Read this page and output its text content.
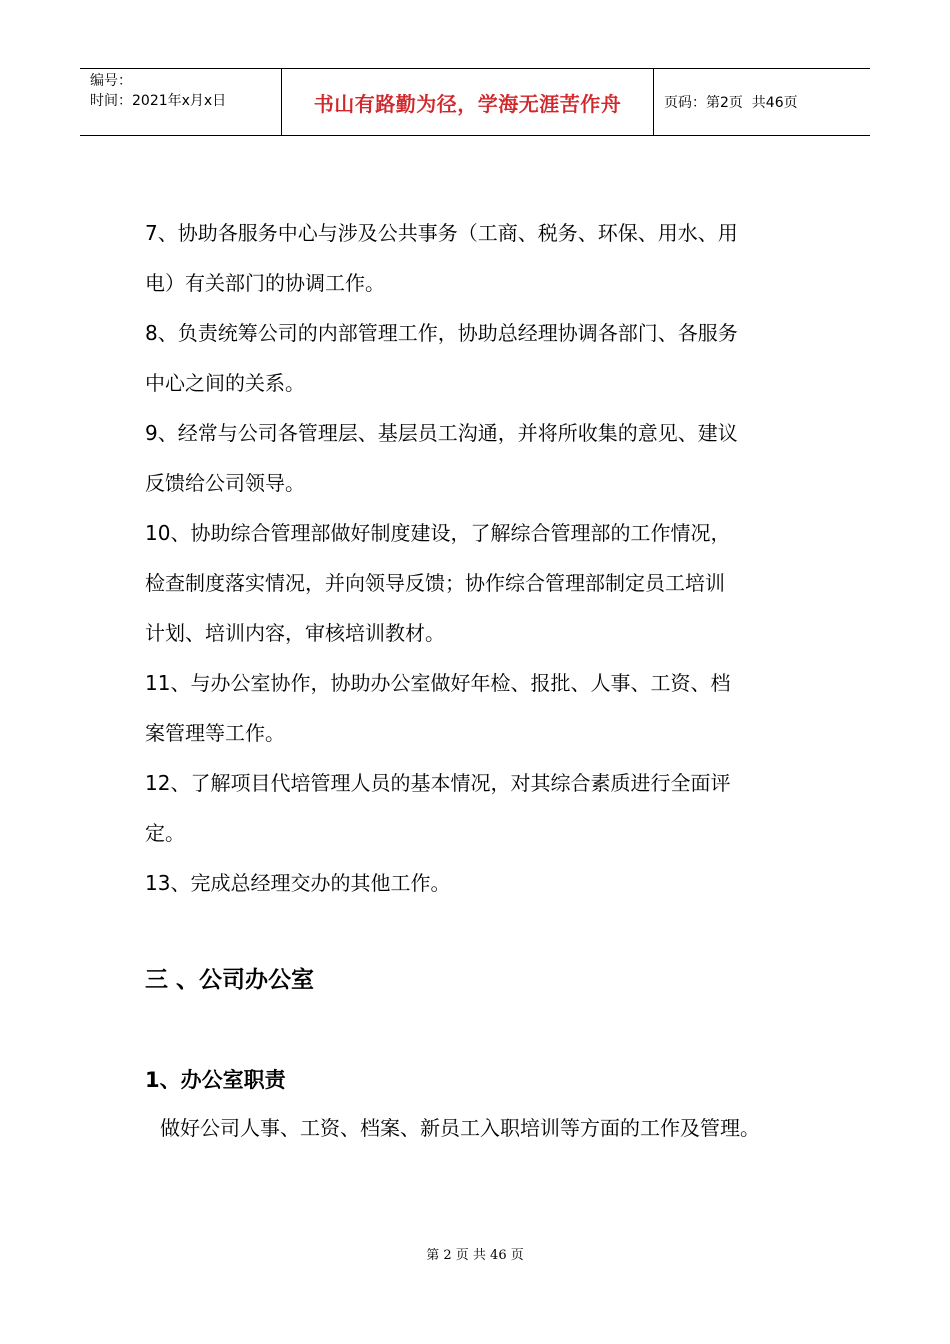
编号：
时间：2021年x月x日	书山有路勤为径，学海无涯苦作舟	页码：第2页  共46页

7、协助各服务中心与涉及公共事务（工商、税务、环保、用水、用
电）有关部门的协调工作。

8、负责统筹公司的内部管理工作，协助总经理协调各部门、各服务
中心之间的关系。

9、经常与公司各管理层、基层员工沟通，并将所收集的意见、建议
反馈给公司领导。

10、协助综合管理部做好制度建设，了解综合管理部的工作情况，
检查制度落实情况，并向领导反馈；协作综合管理部制定员工培训
计划、培训内容，审核培训教材。

11、与办公室协作，协助办公室做好年检、报批、人事、工资、档
案管理等工作。

12、了解项目代培管理人员的基本情况，对其综合素质进行全面评
定。

13、完成总经理交办的其他工作。

三 、公司办公室
1、办公室职责
做好公司人事、工资、档案、新员工入职培训等方面的工作及管理。
第 2 页 共 46 页
